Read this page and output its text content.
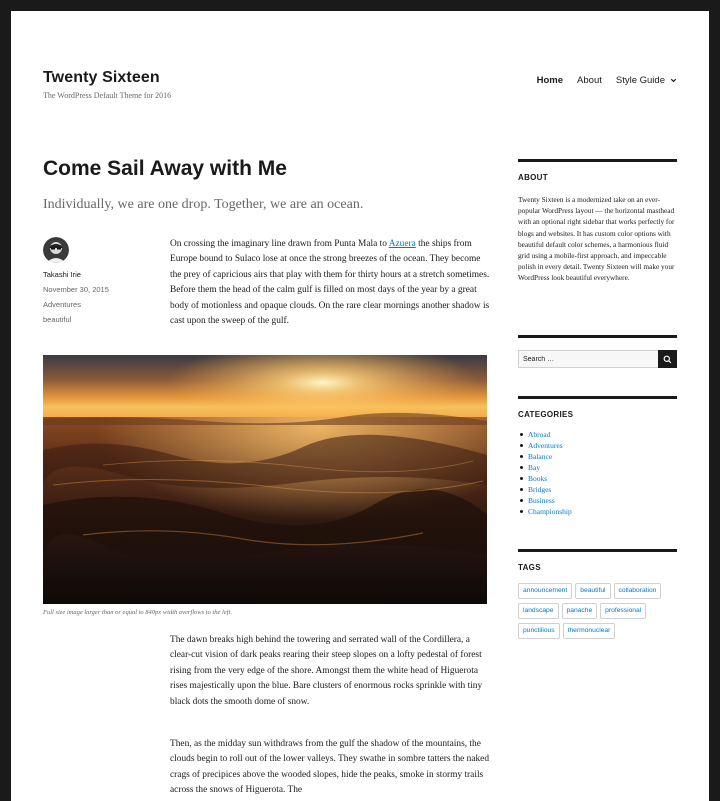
Twenty Sixteen
The WordPress Default Theme for 2016
Home About Style Guide
Come Sail Away with Me
Individually, we are one drop. Together, we are an ocean.
Takashi Irie
November 30, 2015
Adventures
beautiful
On crossing the imaginary line drawn from Punta Mala to Azuera the ships from Europe bound to Sulaco lose at once the strong breezes of the ocean. They become the prey of capricious airs that play with them for thirty hours at a stretch sometimes. Before them the head of the calm gulf is filled on most days of the year by a great body of motionless and opaque clouds. On the rare clear mornings another shadow is cast upon the sweep of the gulf.
Full size image larger than or equal to 840px width overflows to the left.
The dawn breaks high behind the towering and serrated wall of the Cordillera, a clear-cut vision of dark peaks rearing their steep slopes on a lofty pedestal of forest rising from the very edge of the shore. Amongst them the white head of Higuerota rises majestically upon the blue. Bare clusters of enormous rocks sprinkle with tiny black dots the smooth dome of snow.
Then, as the midday sun withdraws from the gulf the shadow of the mountains, the clouds begin to roll out of the lower valleys. They swathe in sombre tatters the naked crags of precipices above the wooded slopes, hide the peaks, smoke in stormy trails across the snows of Higuerota. The
ABOUT
Twenty Sixteen is a modernized take on an ever-popular WordPress layout — the horizontal masthead with an optional right sidebar that works perfectly for blogs and websites. It has custom color options with beautiful default color schemes, a harmonious fluid grid using a mobile-first approach, and impeccable polish in every detail. Twenty Sixteen will make your WordPress look beautiful everywhere.
Search …
CATEGORIES
Abroad
Adventures
Balance
Bay
Books
Bridges
Business
Championship
TAGS
announcement	beautiful	collaboration
landscape	panache	professional
punctilious	thermonuclear
